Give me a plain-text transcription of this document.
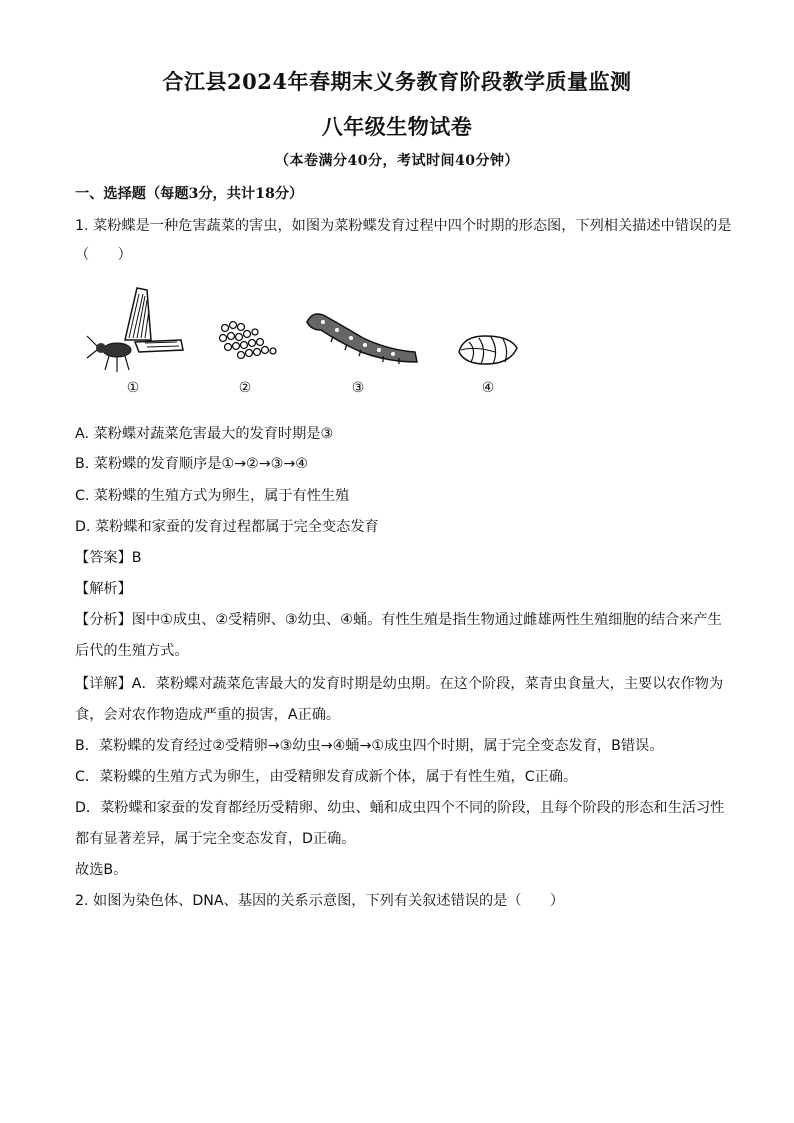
合江县2024年春期末义务教育阶段教学质量监测
八年级生物试卷
（本卷满分40分，考试时间40分钟）
一、选择题（每题3分，共计18分）
1. 菜粉蝶是一种危害蔬菜的害虫，如图为菜粉蝶发育过程中四个时期的形态图，下列相关描述中错误的是
（　　）
①	②	③	④
A. 菜粉蝶对蔬菜危害最大的发育时期是③
B. 菜粉蝶的发育顺序是①→②→③→④
C. 菜粉蝶的生殖方式为卵生，属于有性生殖
D. 菜粉蝶和家蚕的发育过程都属于完全变态发育
【答案】B
【解析】
【分析】图中①成虫、②受精卵、③幼虫、④蛹。有性生殖是指生物通过雌雄两性生殖细胞的结合来产生
后代的生殖方式。
【详解】A．菜粉蝶对蔬菜危害最大的发育时期是幼虫期。在这个阶段，菜青虫食量大，主要以农作物为
食，会对农作物造成严重的损害，A正确。
B．菜粉蝶的发育经过②受精卵→③幼虫→④蛹→①成虫四个时期，属于完全变态发育，B错误。
C．菜粉蝶的生殖方式为卵生，由受精卵发育成新个体，属于有性生殖，C正确。
D．菜粉蝶和家蚕的发育都经历受精卵、幼虫、蛹和成虫四个不同的阶段，且每个阶段的形态和生活习性
都有显著差异，属于完全变态发育，D正确。
故选B。
2. 如图为染色体、DNA、基因的关系示意图，下列有关叙述错误的是（　　）
